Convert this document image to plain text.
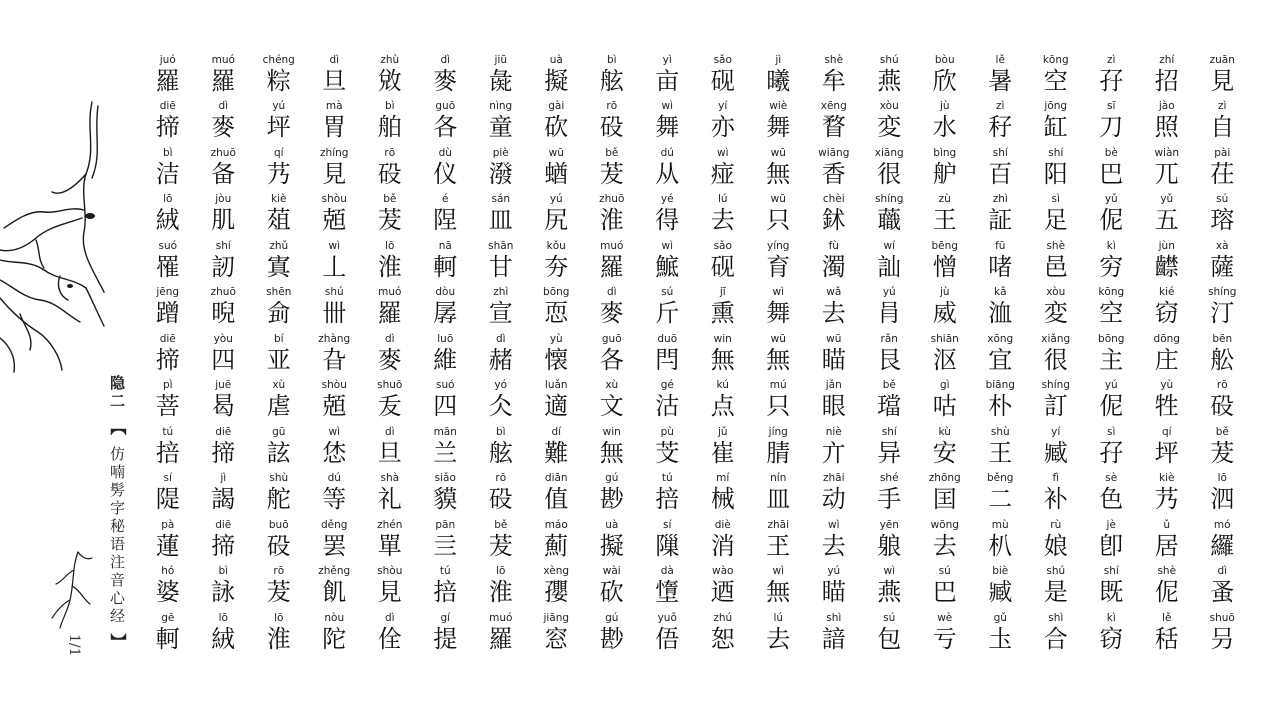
隐二 【 仿喃髣字秘语注音心经 】
1/1
juó
羅
muó
羅
chéng
粽
dì
旦
zhù
敓
dì
麥
jiū
彘
uà
擬
bì
舷
yì
亩
sǎo
砚
jì
曦
shè
牟
shú
燕
bòu
欣
lě
暑
kōng
空
zì
孖
zhí
招
zuān
見
diē
揥
dì
麥
yú
坪
mà
胃
bì
舶
guō
各
nìng
童
gài
砍
rō
砓
wì
舞
yí
亦
wiè
舞
xēng
瞀
xòu
変
jù
水
zì
秄
jōng
缸
sī
刀
jào
照
zì
自
bì
洁
zhuō
备
qí
艿
zhíng
見
rō
砓
dù
仪
piè
潑
wū
蝤
bě
茇
dú
从
wì
痖
wū
無
wiāng
香
xiāng
很
bìng
舮
shí
百
shí
阳
bè
巴
wiàn
兀
pài
茌
lō
絨
jòu
肌
kiè
葅
shòu
兡
bě
茇
é
陧
sán
皿
yú
尻
zhuō
淮
yé
得
lú
去
wū
只
chèi
鉥
shíng
蘵
zù
王
zhì
証
sì
足
yǔ
伲
yǔ
五
sú
瑢
suó
罹
shí
訒
zhǔ
寘
wì
丄
lō
淮
nā
軻
shān
甘
kǒu
夯
muó
羅
wì
鯳
sǎo
砚
yíng
育
fù
濁
wí
訕
bēng
憎
fū
啫
shè
邑
kì
穷
jùn
齽
xà
薩
jēng
蹭
zhuō
晲
shēn
侴
shú
卌
muó
羅
dòu
孱
zhì
宣
bōng
恧
dì
麥
sú
斤
jī
熏
wì
舞
wǎ
去
yú
肙
jù
威
kǎ
洫
xòu
変
kōng
空
kié
窃
shíng
汀
diē
揥
yòu
四
bí
亚
zhàng
旮
dì
麥
luō
維
dì
赭
yù
懐
guō
各
duō
閂
win
無
wū
無
wū
瞄
rǎn
艮
shiān
沤
xōng
宜
xiǎng
很
bōng
主
dōng
庄
bēn
舩
pì
菩
juē
曷
xù
虐
shòu
兡
shuō
叐
suó
四
yó
仌
luǎn
適
xù
文
gé
沽
kú
点
mú
只
jǎn
眼
bě
璫
gì
咕
biāng
朴
shíng
訂
yú
伲
yù
牲
rō
砓
tú
掊
diē
揥
gū
詃
wì
恷
dì
旦
mān
兰
bì
舷
dí
難
win
無
pù
芠
jǔ
崔
jíng
腈
niè
亣
shí
异
kù
安
shù
王
yí
臧
sì
孖
qí
坪
bě
茇
sí
隄
jì
謁
shù
舵
dú
等
shà
礼
siǎo
貘
rō
砓
diān
值
gú
尠
tú
掊
mí
械
nín
皿
zhāi
动
shé
手
zhōng
囯
běng
二
fì
补
sè
色
kiè
艿
lō
泗
pà
蓮
diē
揥
buō
砓
děng
罢
zhén
單
pān
亖
bě
茇
máo
薊
uà
擬
sí
隟
diè
消
zhāi
玊
wì
去
yēn
躴
wōng
去
mù
朳
rù
娘
jè
卽
ǔ
居
mó
纙
hó
婆
bì
詠
rō
茇
zhěng
飢
shòu
見
tú
掊
lō
淮
xèng
孾
wài
砍
dà
墯
wào
迺
wì
無
yú
瞄
wì
燕
sú
巴
biè
臧
shú
是
shí
既
shè
伲
dì
蚤
gē
軻
lō
絨
lō
淮
nòu
陀
dì
佺
gí
提
muó
羅
jiāng
窓
gú
尠
yuǒ
俉
zhú
恕
lú
去
shì
諳
sú
包
wè
亏
gǔ
圡
shì
合
kì
窃
lě
秳
shuō
叧
